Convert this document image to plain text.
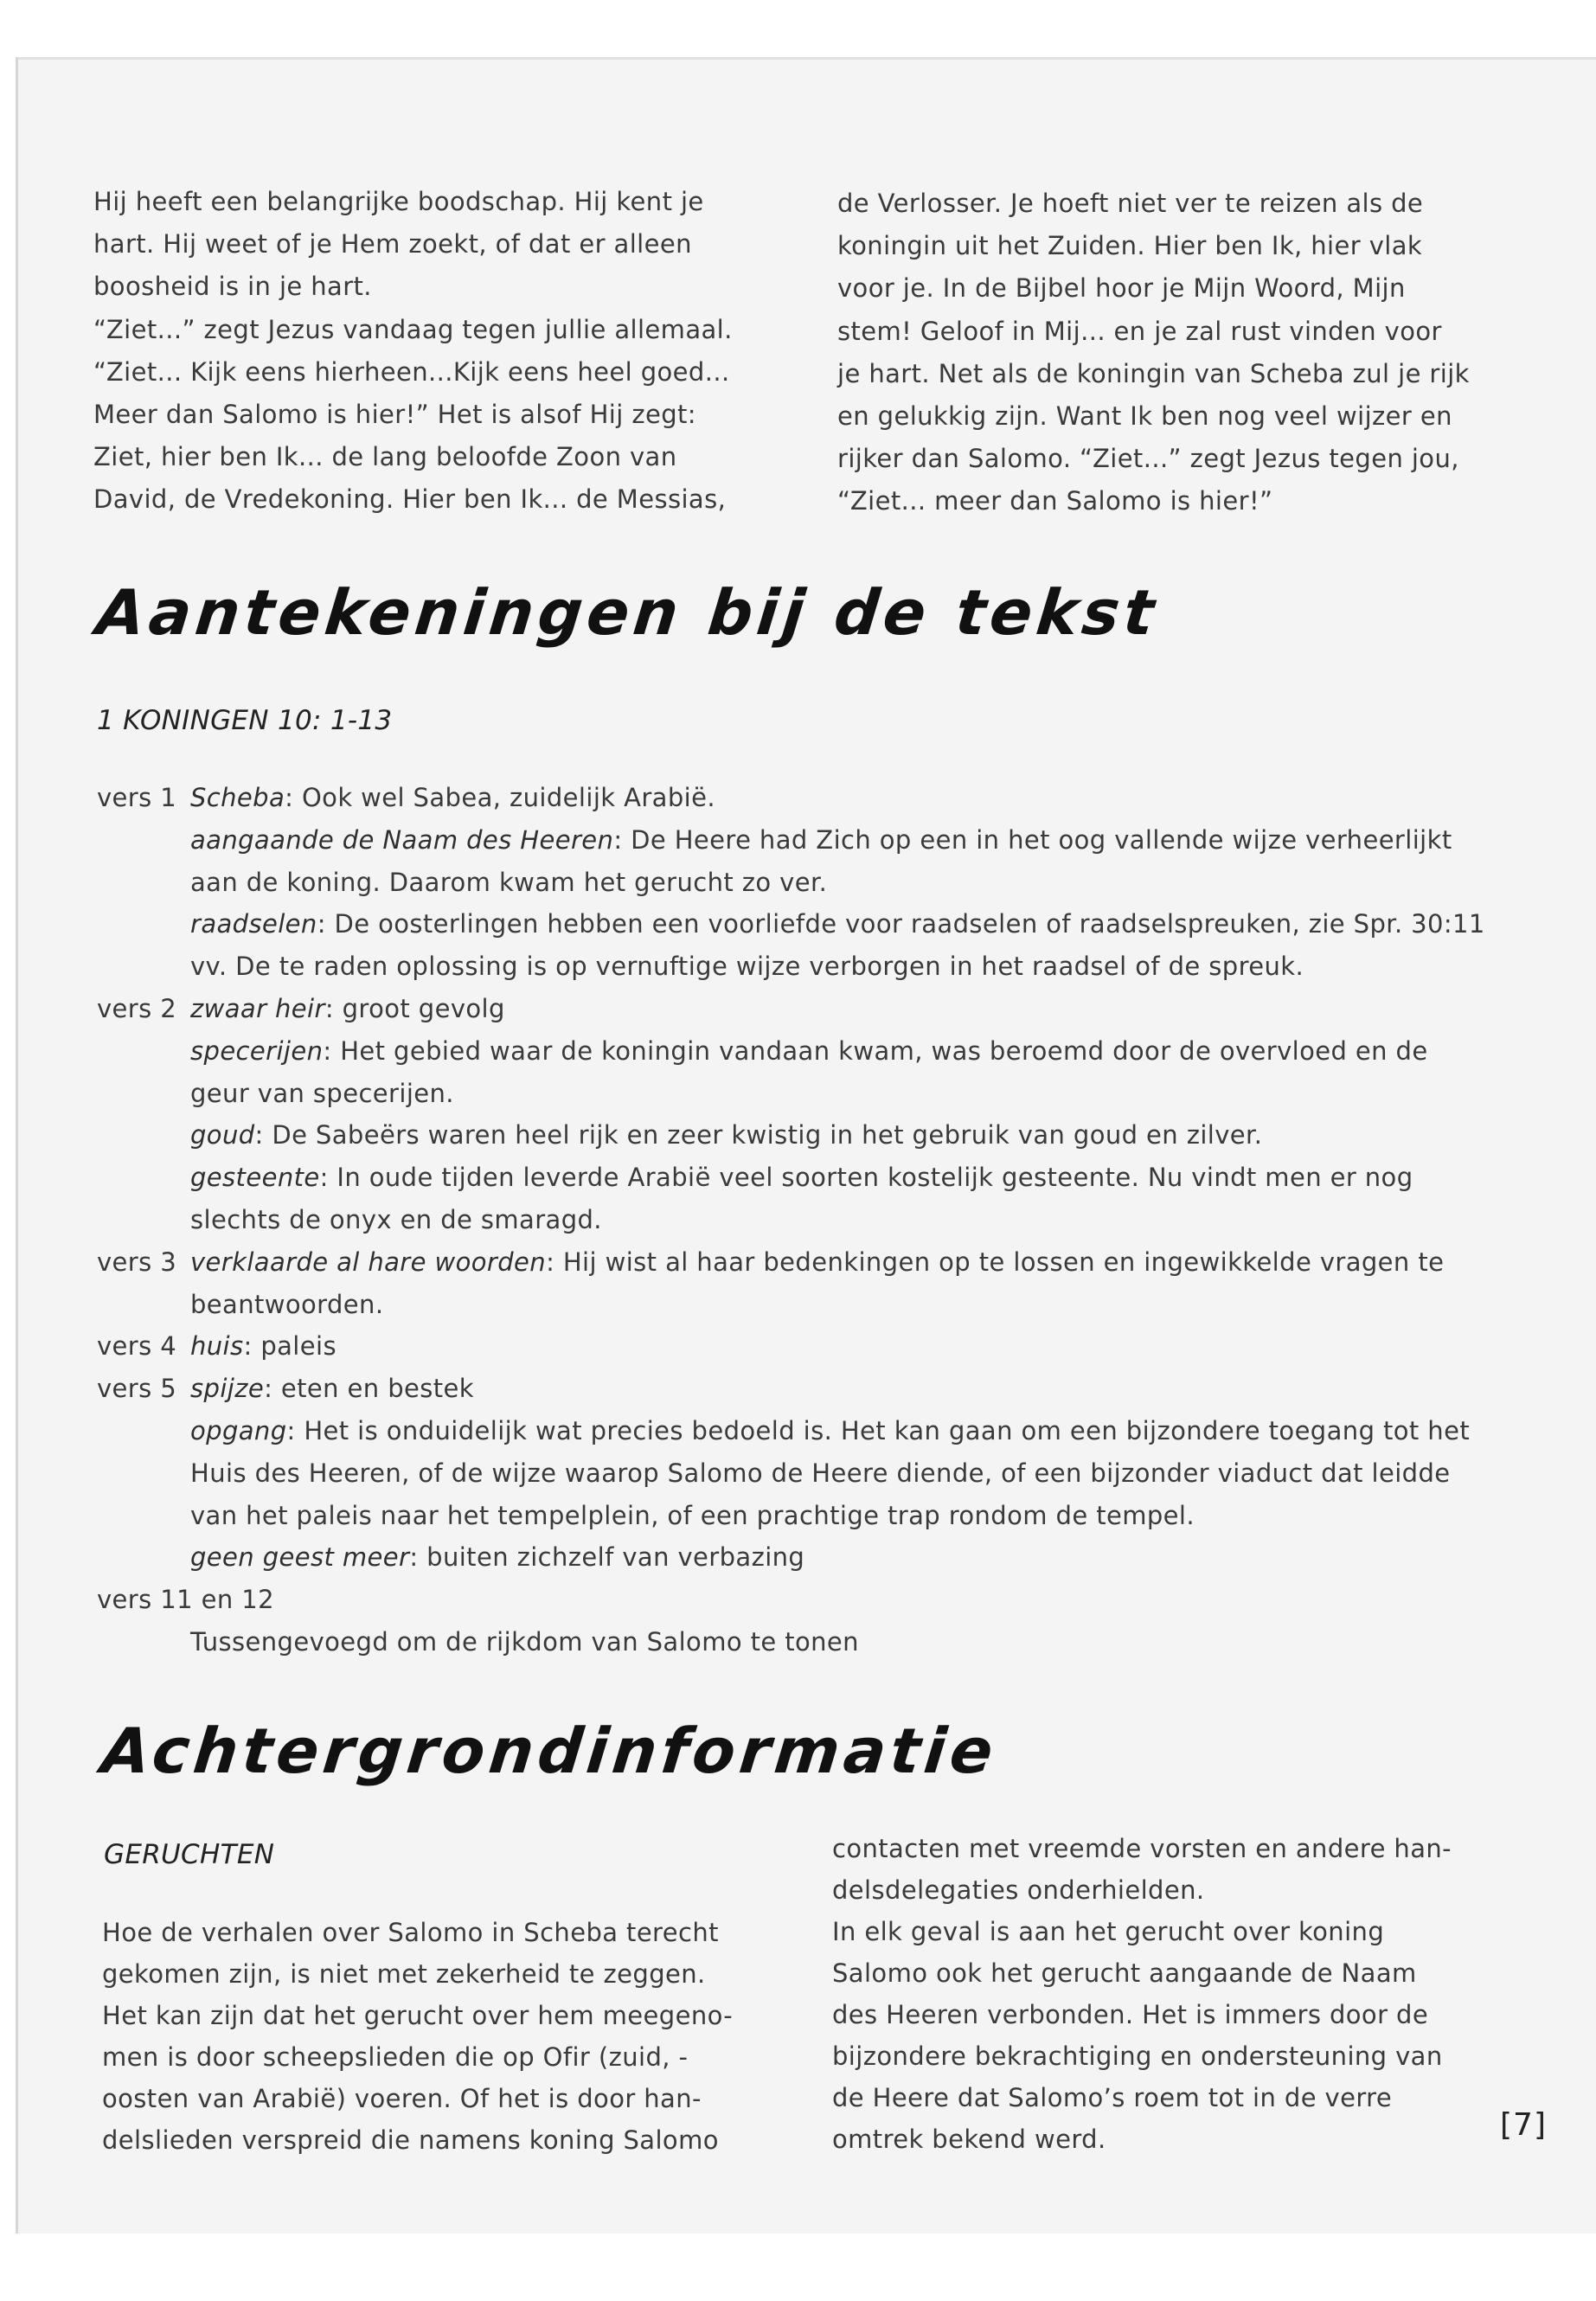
Hij heeft een belangrijke boodschap. Hij kent je
hart. Hij weet of je Hem zoekt, of dat er alleen
boosheid is in je hart.
“Ziet...” zegt Jezus vandaag tegen jullie allemaal.
“Ziet... Kijk eens hierheen...Kijk eens heel goed...
Meer dan Salomo is hier!” Het is alsof Hij zegt:
Ziet, hier ben Ik... de lang beloofde Zoon van
David, de Vredekoning. Hier ben Ik... de Messias,
de Verlosser. Je hoeft niet ver te reizen als de
koningin uit het Zuiden. Hier ben Ik, hier vlak
voor je. In de Bijbel hoor je Mijn Woord, Mijn
stem! Geloof in Mij... en je zal rust vinden voor
je hart. Net als de koningin van Scheba zul je rijk
en gelukkig zijn. Want Ik ben nog veel wijzer en
rijker dan Salomo. “Ziet...” zegt Jezus tegen jou,
“Ziet... meer dan Salomo is hier!”
Aantekeningen bij de tekst
1 KONINGEN 10: 1-13
vers 1 Scheba: Ook wel Sabea, zuidelijk Arabië.
aangaande de Naam des Heeren: De Heere had Zich op een in het oog vallende wijze verheerlijkt
aan de koning. Daarom kwam het gerucht zo ver.
raadselen: De oosterlingen hebben een voorliefde voor raadselen of raadselspreuken, zie Spr. 30:11
vv. De te raden oplossing is op vernuftige wijze verborgen in het raadsel of de spreuk.
vers 2 zwaar heir: groot gevolg
specerijen: Het gebied waar de koningin vandaan kwam, was beroemd door de overvloed en de
geur van specerijen.
goud: De Sabeërs waren heel rijk en zeer kwistig in het gebruik van goud en zilver.
gesteente: In oude tijden leverde Arabië veel soorten kostelijk gesteente. Nu vindt men er nog
slechts de onyx en de smaragd.
vers 3 verklaarde al hare woorden: Hij wist al haar bedenkingen op te lossen en ingewikkelde vragen te
beantwoorden.
vers 4 huis: paleis
vers 5 spijze: eten en bestek
opgang: Het is onduidelijk wat precies bedoeld is. Het kan gaan om een bijzondere toegang tot het
Huis des Heeren, of de wijze waarop Salomo de Heere diende, of een bijzonder viaduct dat leidde
van het paleis naar het tempelplein, of een prachtige trap rondom de tempel.
geen geest meer: buiten zichzelf van verbazing
vers 11 en 12
Tussengevoegd om de rijkdom van Salomo te tonen
Achtergrondinformatie
GERUCHTEN
Hoe de verhalen over Salomo in Scheba terecht
gekomen zijn, is niet met zekerheid te zeggen.
Het kan zijn dat het gerucht over hem meegeno-
men is door scheepslieden die op Ofir (zuid, -
oosten van Arabië) voeren. Of het is door han-
delslieden verspreid die namens koning Salomo
contacten met vreemde vorsten en andere han-
delsdelegaties onderhielden.
In elk geval is aan het gerucht over koning
Salomo ook het gerucht aangaande de Naam
des Heeren verbonden. Het is immers door de
bijzondere bekrachtiging en ondersteuning van
de Heere dat Salomo’s roem tot in de verre
omtrek bekend werd.	[7]
